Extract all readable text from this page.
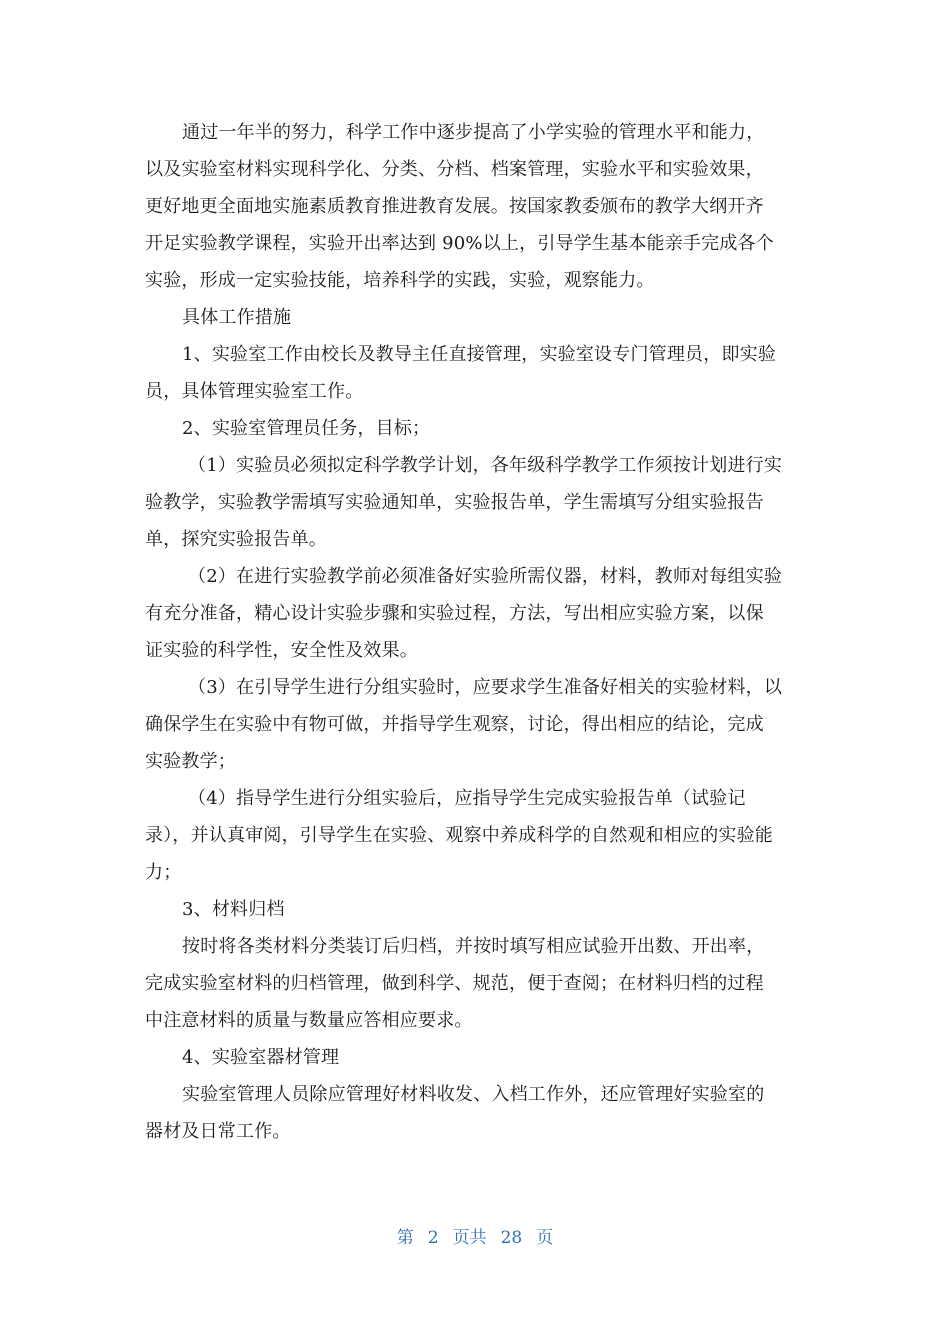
通过一年半的努力，科学工作中逐步提高了小学实验的管理水平和能力，
以及实验室材料实现科学化、分类、分档、档案管理，实验水平和实验效果，
更好地更全面地实施素质教育推进教育发展。按国家教委颁布的教学大纲开齐
开足实验教学课程，实验开出率达到 90%以上，引导学生基本能亲手完成各个
实验，形成一定实验技能，培养科学的实践，实验，观察能力。
具体工作措施
1、实验室工作由校长及教导主任直接管理，实验室设专门管理员，即实验
员，具体管理实验室工作。
2、实验室管理员任务，目标；
（1）实验员必须拟定科学教学计划，各年级科学教学工作须按计划进行实
验教学，实验教学需填写实验通知单，实验报告单，学生需填写分组实验报告
单，探究实验报告单。
（2）在进行实验教学前必须准备好实验所需仪器，材料，教师对每组实验
有充分准备，精心设计实验步骤和实验过程，方法，写出相应实验方案，以保
证实验的科学性，安全性及效果。
（3）在引导学生进行分组实验时，应要求学生准备好相关的实验材料，以
确保学生在实验中有物可做，并指导学生观察，讨论，得出相应的结论，完成
实验教学；
（4）指导学生进行分组实验后，应指导学生完成实验报告单（试验记
录），并认真审阅，引导学生在实验、观察中养成科学的自然观和相应的实验能
力；
3、材料归档
按时将各类材料分类装订后归档，并按时填写相应试验开出数、开出率，
完成实验室材料的归档管理，做到科学、规范，便于查阅；在材料归档的过程
中注意材料的质量与数量应答相应要求。
4、实验室器材管理
实验室管理人员除应管理好材料收发、入档工作外，还应管理好实验室的
器材及日常工作。
第 2 页共 28 页
